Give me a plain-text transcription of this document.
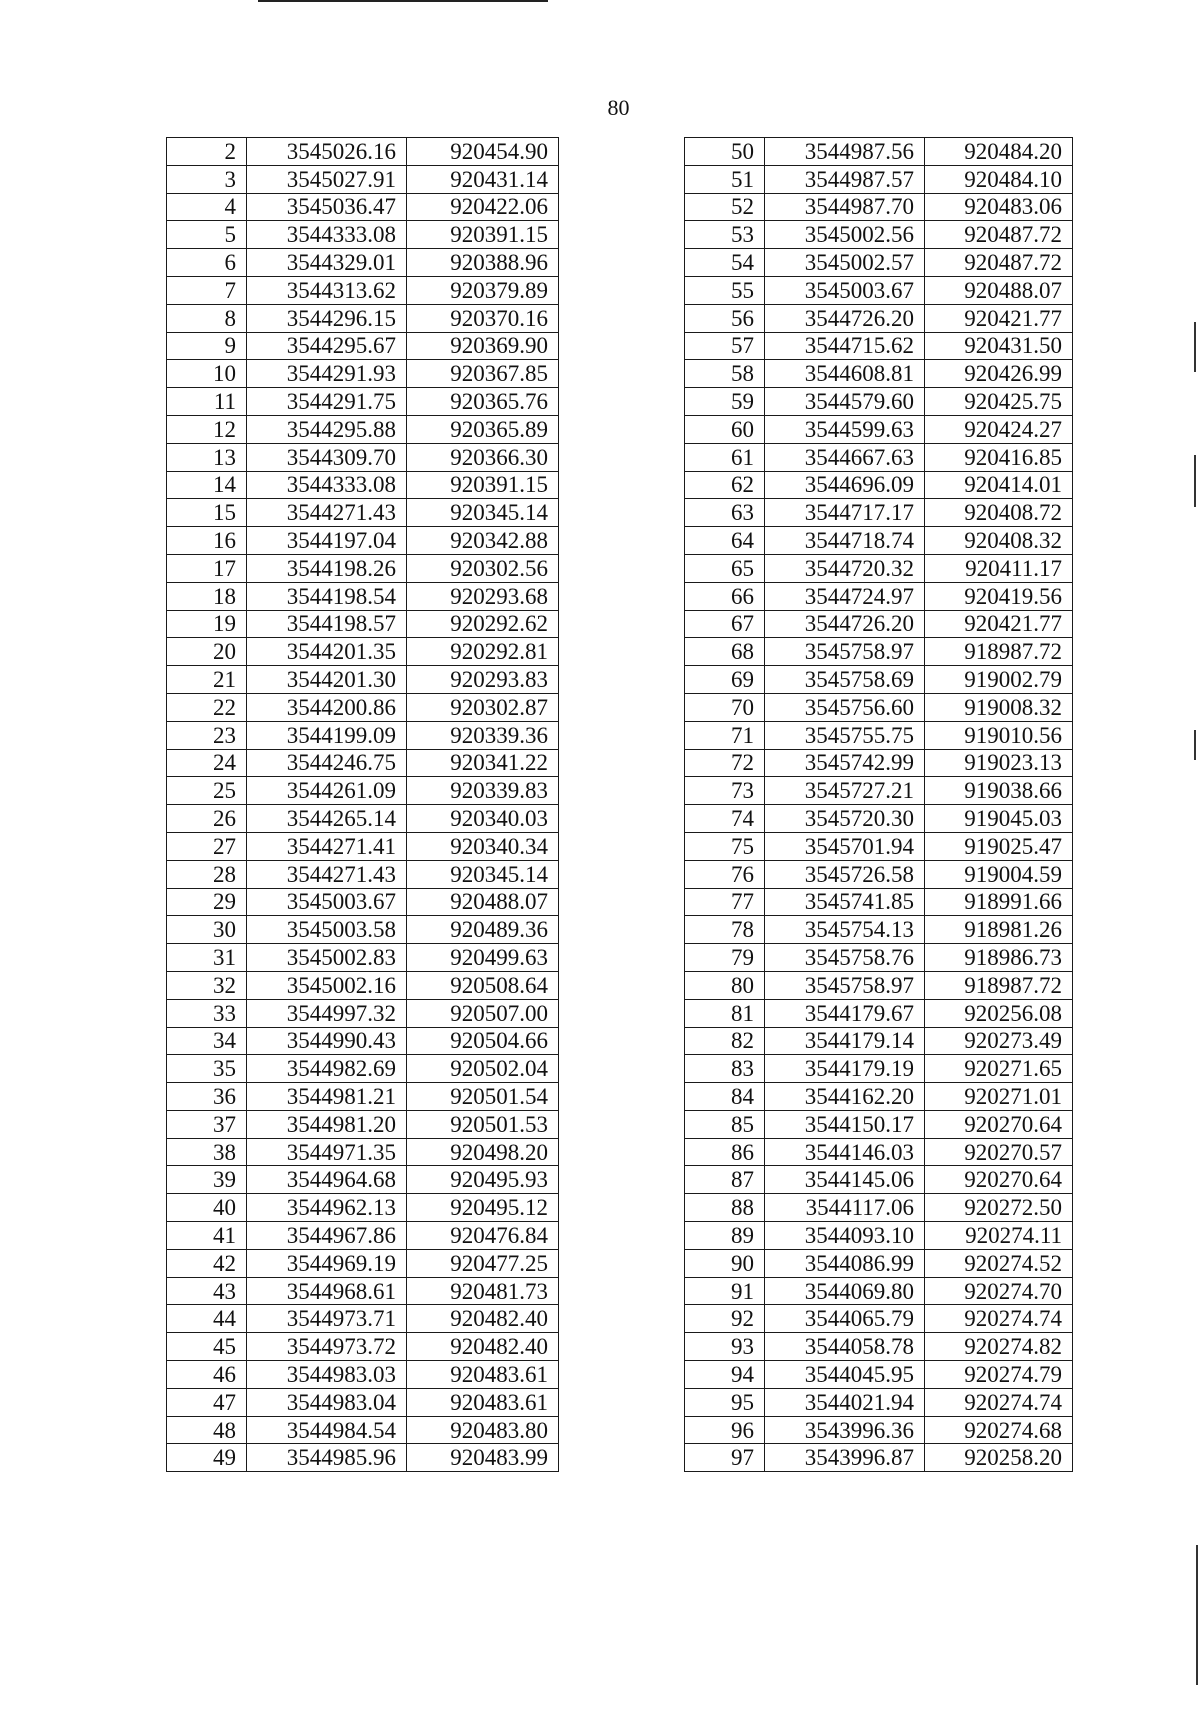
80
2	3545026.16	920454.90
3	3545027.91	920431.14
4	3545036.47	920422.06
5	3544333.08	920391.15
6	3544329.01	920388.96
7	3544313.62	920379.89
8	3544296.15	920370.16
9	3544295.67	920369.90
10	3544291.93	920367.85
11	3544291.75	920365.76
12	3544295.88	920365.89
13	3544309.70	920366.30
14	3544333.08	920391.15
15	3544271.43	920345.14
16	3544197.04	920342.88
17	3544198.26	920302.56
18	3544198.54	920293.68
19	3544198.57	920292.62
20	3544201.35	920292.81
21	3544201.30	920293.83
22	3544200.86	920302.87
23	3544199.09	920339.36
24	3544246.75	920341.22
25	3544261.09	920339.83
26	3544265.14	920340.03
27	3544271.41	920340.34
28	3544271.43	920345.14
29	3545003.67	920488.07
30	3545003.58	920489.36
31	3545002.83	920499.63
32	3545002.16	920508.64
33	3544997.32	920507.00
34	3544990.43	920504.66
35	3544982.69	920502.04
36	3544981.21	920501.54
37	3544981.20	920501.53
38	3544971.35	920498.20
39	3544964.68	920495.93
40	3544962.13	920495.12
41	3544967.86	920476.84
42	3544969.19	920477.25
43	3544968.61	920481.73
44	3544973.71	920482.40
45	3544973.72	920482.40
46	3544983.03	920483.61
47	3544983.04	920483.61
48	3544984.54	920483.80
49	3544985.96	920483.99
50	3544987.56	920484.20
51	3544987.57	920484.10
52	3544987.70	920483.06
53	3545002.56	920487.72
54	3545002.57	920487.72
55	3545003.67	920488.07
56	3544726.20	920421.77
57	3544715.62	920431.50
58	3544608.81	920426.99
59	3544579.60	920425.75
60	3544599.63	920424.27
61	3544667.63	920416.85
62	3544696.09	920414.01
63	3544717.17	920408.72
64	3544718.74	920408.32
65	3544720.32	920411.17
66	3544724.97	920419.56
67	3544726.20	920421.77
68	3545758.97	918987.72
69	3545758.69	919002.79
70	3545756.60	919008.32
71	3545755.75	919010.56
72	3545742.99	919023.13
73	3545727.21	919038.66
74	3545720.30	919045.03
75	3545701.94	919025.47
76	3545726.58	919004.59
77	3545741.85	918991.66
78	3545754.13	918981.26
79	3545758.76	918986.73
80	3545758.97	918987.72
81	3544179.67	920256.08
82	3544179.14	920273.49
83	3544179.19	920271.65
84	3544162.20	920271.01
85	3544150.17	920270.64
86	3544146.03	920270.57
87	3544145.06	920270.64
88	3544117.06	920272.50
89	3544093.10	920274.11
90	3544086.99	920274.52
91	3544069.80	920274.70
92	3544065.79	920274.74
93	3544058.78	920274.82
94	3544045.95	920274.79
95	3544021.94	920274.74
96	3543996.36	920274.68
97	3543996.87	920258.20
